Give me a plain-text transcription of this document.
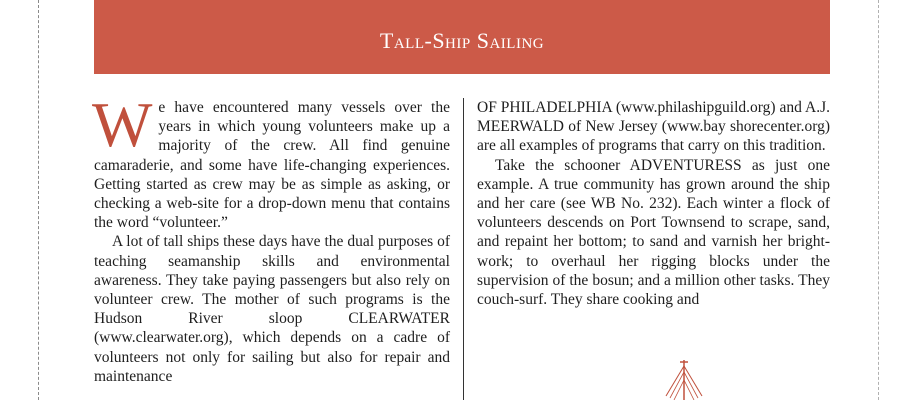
Tall-Ship Sailing

We have encountered many vessels over the years in which young volunteers make up a majority of the crew. All find genuine camaraderie, and some have life-changing experiences. Getting started as crew may be as simple as asking, or checking a web-site for a drop-down menu that contains the word “volunteer.”

A lot of tall ships these days have the dual purposes of teaching seamanship skills and environmental awareness. They take paying passengers but also rely on volunteer crew. The mother of such programs is the Hudson River sloop CLEARWATER (www.clearwater.org), which depends on a cadre of volunteers not only for sailing but also for repair and maintenance

OF PHILADELPHIA (www.philashipguild.org) and A.J. MEERWALD of New Jersey (www.bay shorecenter.org) are all examples of programs that carry on this tradition.

Take the schooner ADVENTURESS as just one example. A true community has grown around the ship and her care (see WB No. 232). Each winter a flock of volunteers descends on Port Townsend to scrape, sand, and repaint her bottom; to sand and varnish her bright-work; to overhaul her rigging blocks under the supervision of the bosun; and a million other tasks. They couch-surf. They share cooking and
